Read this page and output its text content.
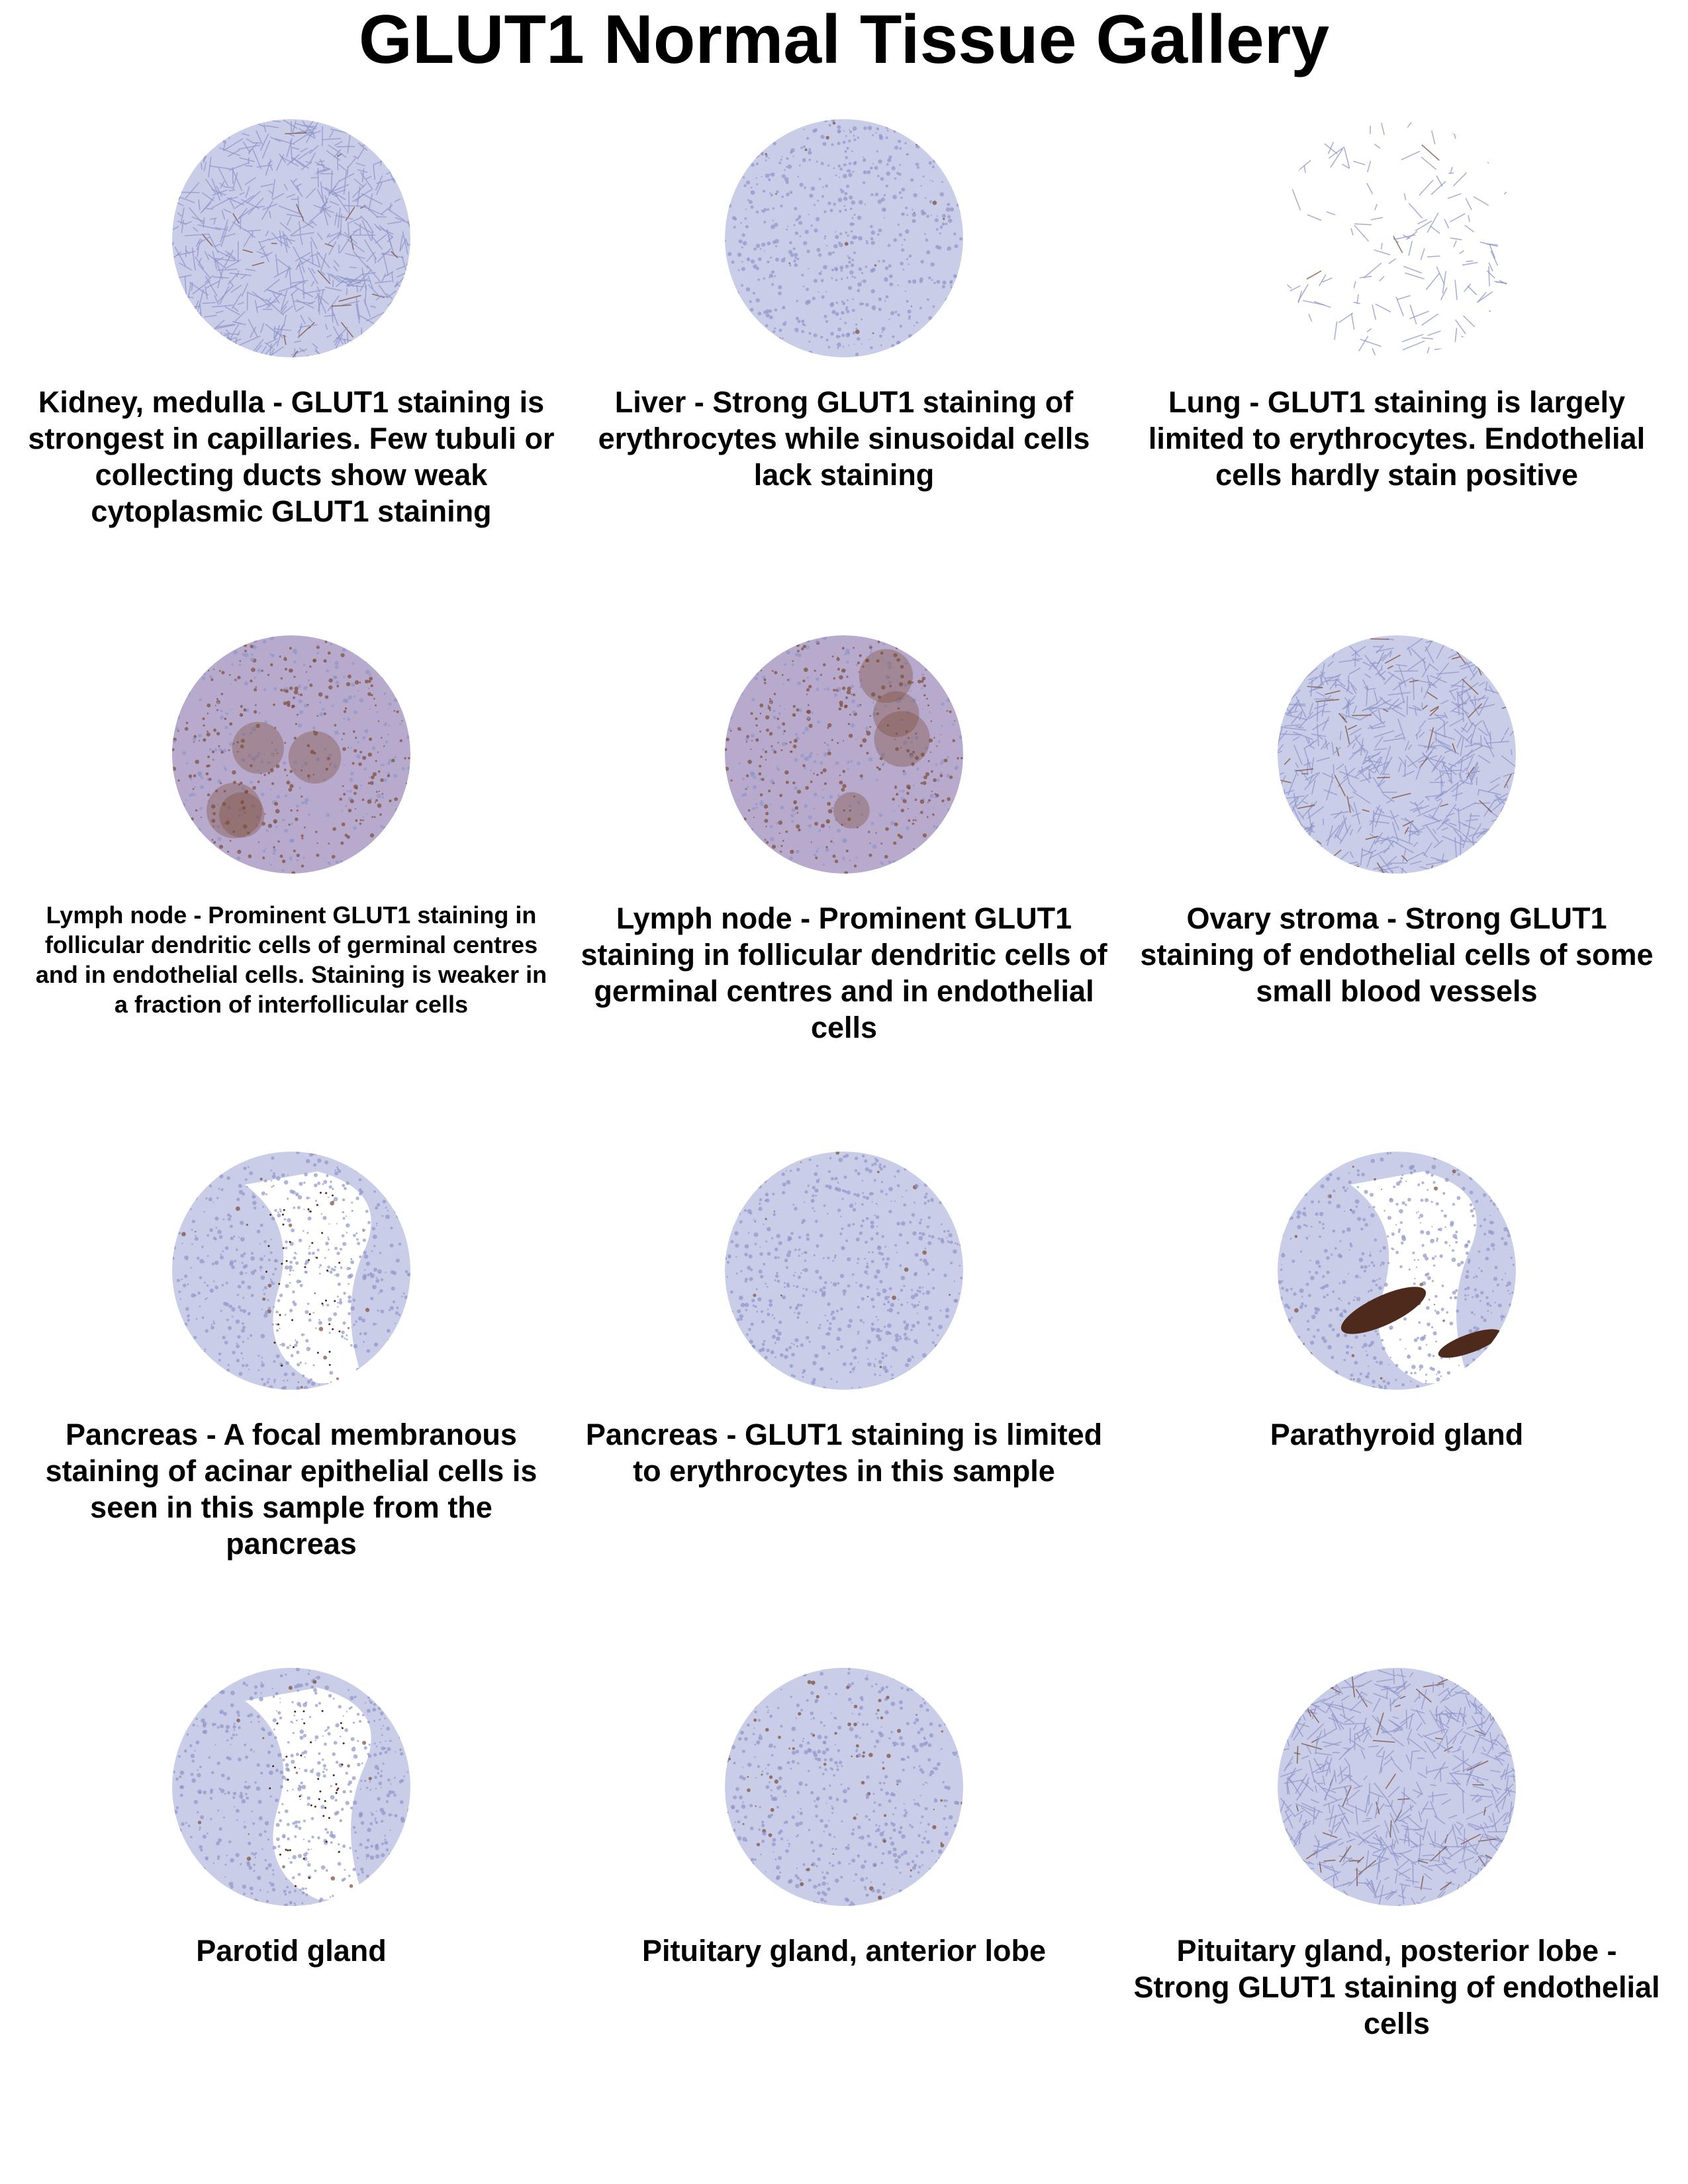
GLUT1 Normal Tissue Gallery
Kidney, medulla - GLUT1 staining is strongest in capillaries. Few tubuli or collecting ducts show weak cytoplasmic GLUT1 staining
Liver - Strong GLUT1 staining of erythrocytes while sinusoidal cells lack staining
Lung - GLUT1 staining is largely limited to erythrocytes. Endothelial cells hardly stain positive
Lymph node - Prominent GLUT1 staining in follicular dendritic cells of germinal centres and in endothelial cells. Staining is weaker in a fraction of interfollicular cells
Lymph node - Prominent GLUT1 staining in follicular dendritic cells of germinal centres and in endothelial cells
Ovary stroma - Strong GLUT1 staining of endothelial cells of some small blood vessels
Pancreas - A focal membranous staining of acinar epithelial cells is seen in this sample from the pancreas
Pancreas - GLUT1 staining is limited to erythrocytes in this sample
Parathyroid gland
Parotid gland	Pituitary gland, anterior lobe	Pituitary gland, posterior lobe - Strong GLUT1 staining of endothelial cells
